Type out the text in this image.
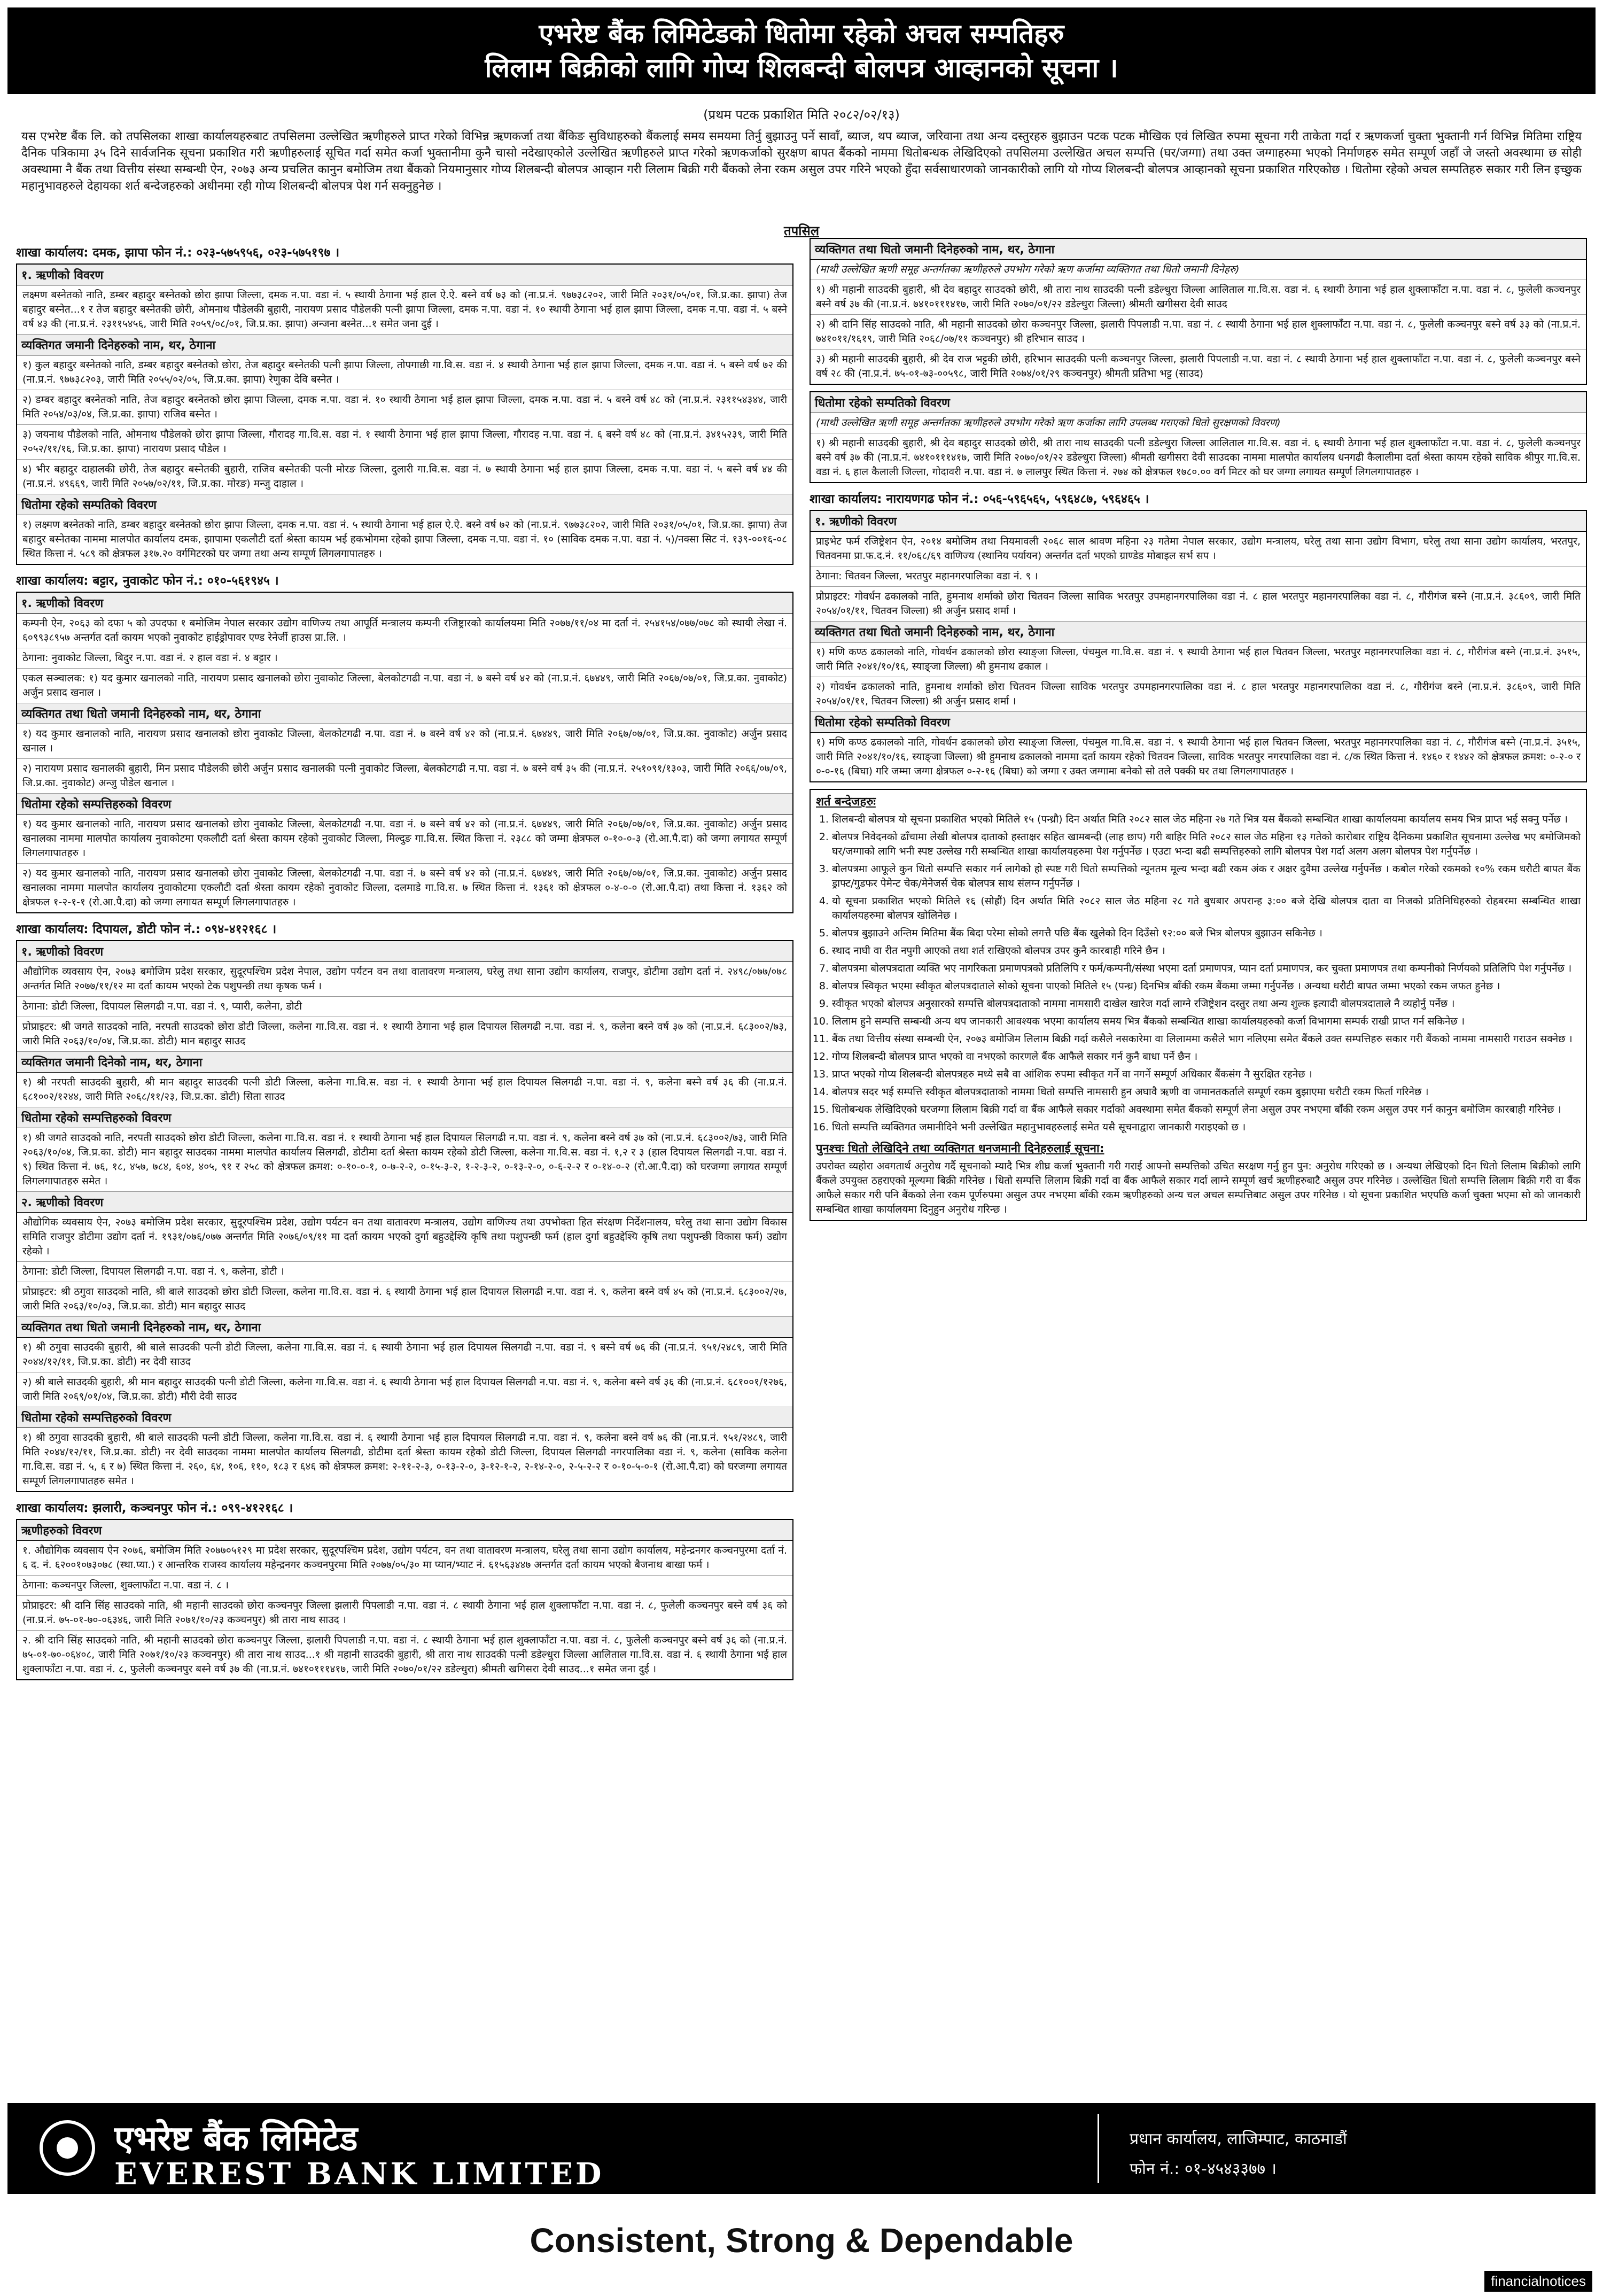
एभरेष्ट बैंक लिमिटेडको धितोमा रहेको अचल सम्पतिहरु
लिलाम बिक्रीको लागि गोप्य शिलबन्दी बोलपत्र आव्हानको सूचना ।
(प्रथम पटक प्रकाशित मिति २०८२/०२/१३)
यस एभरेष्ट बैंक लि. को तपसिलका शाखा कार्यालयहरुबाट तपसिलमा उल्लेखित ऋणीहरुले प्राप्त गरेको विभिन्न ऋणकर्जा तथा बैंकिङ सुविधाहरुको बैंकलाई समय समयमा तिर्नु बुझाउनु पर्ने सावाँ, ब्याज, थप ब्याज, जरिवाना तथा अन्य दस्तुरहरु बुझाउन पटक पटक मौखिक एवं लिखित रुपमा सूचना गरी ताकेता गर्दा र ऋणकर्जा चुक्ता भुक्तानी गर्न विभिन्न मितिमा राष्ट्रिय दैनिक पत्रिकामा ३५ दिने सार्वजनिक सूचना प्रकाशित गरी ऋणीहरुलाई सूचित गर्दा समेत कर्जा भुक्तानीमा कुनै चासो नदेखाएकोले उल्लेखित ऋणीहरुले प्राप्त गरेको ऋणकर्जाको सुरक्षण बापत बैंकको नाममा धितोबन्धक लेखिदिएको तपसिलमा उल्लेखित अचल सम्पत्ति (घर/जग्गा) तथा उक्त जग्गाहरुमा भएको निर्माणहरु समेत सम्पूर्ण जहाँ जे जस्तो अवस्थामा छ सोही अवस्थामा नै बैंक तथा वित्तीय संस्था सम्बन्धी ऐन, २०७३ अन्य प्रचलित कानुन बमोजिम तथा बैंकको नियमानुसार गोप्य शिलबन्दी बोलपत्र आव्हान गरी लिलाम बिक्री गरी बैंकको लेना रकम असुल उपर गरिने भएको हुँदा सर्वसाधारणको जानकारीको लागि यो गोप्य शिलबन्दी बोलपत्र आव्हानको सूचना प्रकाशित गरिएकोछ । धितोमा रहेको अचल सम्पतिहरु सकार गरी लिन इच्छुक महानुभावहरुले देहायका शर्त बन्देजहरुको अधीनमा रही गोप्य शिलबन्दी बोलपत्र पेश गर्न सक्नुहुनेछ ।
तपसिल
शाखा कार्यालय: दमक, झापा फोन नं.: ०२३-५७५९५६, ०२३-५७५१९७ ।
१. ऋणीको विवरण

लक्ष्मण बस्नेतको नाति, डम्बर बहादुर बस्नेतको छोरा झापा जिल्ला, दमक न.पा. वडा नं. ५ स्थायी ठेगाना भई हाल ऐ.ऐ. बस्ने वर्ष ७३ को (ना.प्र.नं. ९७७३८२०२, जारी मिति २०३१/०५/०१, जि.प्र.का. झापा) तेज बहादुर बस्नेत...१ र तेज बहादुर बस्नेतकी छोरी, ओमनाथ पौडेलकी बुहारी, नारायण प्रसाद पौडेलकी पत्नी झापा जिल्ला, दमक न.पा. वडा नं. १० स्थायी ठेगाना भई हाल झापा जिल्ला, दमक न.पा. वडा नं. ५ बस्ने वर्ष ४३ की (ना.प्र.नं. २३११५४५६, जारी मिति २०५९/०८/०१, जि.प्र.का. झापा) अन्जना बस्नेत...१ समेत जना दुई ।

व्यक्तिगत जमानी दिनेहरुको नाम, थर, ठेगाना

१) कुल बहादुर बस्नेतको नाति, डम्बर बहादुर बस्नेतको छोरा, तेज बहादुर बस्नेतकी पत्नी झापा जिल्ला, तोपगाछी गा.वि.स. वडा नं. ४ स्थायी ठेगाना भई हाल झापा जिल्ला, दमक न.पा. वडा नं. ५ बस्ने वर्ष ७२ की (ना.प्र.नं. ९७७३८२०३, जारी मिति २०५५/०२/०५, जि.प्र.का. झापा) रेणुका देवि बस्नेत ।

२) डम्बर बहादुर बस्नेतको नाति, तेज बहादुर बस्नेतको छोरा झापा जिल्ला, दमक न.पा. वडा नं. १० स्थायी ठेगाना भई हाल झापा जिल्ला, दमक न.पा. वडा नं. ५ बस्ने वर्ष ४८ को (ना.प्र.नं. २३११५४३४४, जारी मिति २०५४/०३/०४, जि.प्र.का. झापा) राजिव बस्नेत ।

३) जयनाथ पौडेलको नाति, ओमनाथ पौडेलको छोरा झापा जिल्ला, गौरादह गा.वि.स. वडा नं. १ स्थायी ठेगाना भई हाल झापा जिल्ला, गौरादह न.पा. वडा नं. ६ बस्ने वर्ष ४८ को (ना.प्र.नं. ३४१५२३९, जारी मिति २०५२/११/१६, जि.प्र.का. झापा) नारायण प्रसाद पौडेल ।

४) भीर बहादुर दाहालकी छोरी, तेज बहादुर बस्नेतकी बुहारी, राजिव बस्नेतकी पत्नी मोरङ जिल्ला, दुलारी गा.वि.स. वडा नं. ७ स्थायी ठेगाना भई हाल झापा जिल्ला, दमक न.पा. वडा नं. ५ बस्ने वर्ष ४४ की (ना.प्र.नं. ४९६६९, जारी मिति २०५७/०२/११, जि.प्र.का. मोरङ) मन्जु दाहाल ।

धितोमा रहेको सम्पतिको विवरण

१) लक्ष्मण बस्नेतको नाति, डम्बर बहादुर बस्नेतको छोरा झापा जिल्ला, दमक न.पा. वडा नं. ५ स्थायी ठेगाना भई हाल ऐ.ऐ. बस्ने वर्ष ७२ को (ना.प्र.नं. ९७७३८२०२, जारी मिति २०३१/०५/०१, जि.प्र.का. झापा) तेज बहादुर बस्नेतका नाममा मालपोत कार्यालय दमक, झापामा एकलौटी दर्ता श्रेस्ता कायम भई हकभोगमा रहेको झापा जिल्ला, दमक न.पा. वडा नं. १० (साविक दमक न.पा. वडा नं. ५)/नक्सा सिट नं. १३९-००१६-०८ स्थित कित्ता नं. ५८९ को क्षेत्रफल ३१७.२० वर्गमिटरको घर जग्गा तथा अन्य सम्पूर्ण लिगलगापातहरु ।

शाखा कार्यालय: बट्टार, नुवाकोट फोन नं.: ०१०-५६१९४५ ।
१. ऋणीको विवरण

कम्पनी ऐन, २०६३ को दफा ५ को उपदफा १ बमोजिम नेपाल सरकार उद्योग वाणिज्य तथा आपूर्ति मन्त्रालय कम्पनी रजिष्ट्रारको कार्यालयमा मिति २०७७/११/०४ मा दर्ता नं. २५४१५४/०७७/०७८ को स्थायी लेखा नं. ६०९९३८९५७ अन्तर्गत दर्ता कायम भएको नुवाकोट हाईड्रोपावर एण्ड रेनेर्जी हाउस प्रा.लि. ।

ठेगाना: नुवाकोट जिल्ला, बिदुर न.पा. वडा नं. २ हाल वडा नं. ४ बट्टार ।

एकल सञ्चालक: १) यद कुमार खनालको नाति, नारायण प्रसाद खनालको छोरा नुवाकोट जिल्ला, बेलकोटगढी न.पा. वडा नं. ७ बस्ने वर्ष ४२ को (ना.प्र.नं. ६७४४९, जारी मिति २०६७/०७/०१, जि.प्र.का. नुवाकोट) अर्जुन प्रसाद खनाल ।

व्यक्तिगत तथा धितो जमानी दिनेहरुको नाम, थर, ठेगाना

१) यद कुमार खनालको नाति, नारायण प्रसाद खनालको छोरा नुवाकोट जिल्ला, बेलकोटगढी न.पा. वडा नं. ७ बस्ने वर्ष ४२ को (ना.प्र.नं. ६७४४९, जारी मिति २०६७/०७/०१, जि.प्र.का. नुवाकोट) अर्जुन प्रसाद खनाल ।

२) नारायण प्रसाद खनालकी बुहारी, मिन प्रसाद पौडेलकी छोरी अर्जुन प्रसाद खनालकी पत्नी नुवाकोट जिल्ला, बेलकोटगढी न.पा. वडा नं. ७ बस्ने वर्ष ३५ की (ना.प्र.नं. २५१०९१/१३०३, जारी मिति २०६६/०७/०९, जि.प्र.का. नुवाकोट) अन्जु पौडेल खनाल ।

धितोमा रहेको सम्पत्तिहरुको विवरण

१) यद कुमार खनालको नाति, नारायण प्रसाद खनालको छोरा नुवाकोट जिल्ला, बेलकोटगढी न.पा. वडा नं. ७ बस्ने वर्ष ४२ को (ना.प्र.नं. ६७४४९, जारी मिति २०६७/०७/०१, जि.प्र.का. नुवाकोट) अर्जुन प्रसाद खनालका नाममा मालपोत कार्यालय नुवाकोटमा एकलौटी दर्ता श्रेस्ता कायम रहेको नुवाकोट जिल्ला, मिल्दुङ गा.वि.स. स्थित कित्ता नं. २३८८ को जम्मा क्षेत्रफल ०-१०-०-३ (रो.आ.पै.दा) को जग्गा लगायत सम्पूर्ण लिगलगापातहरु ।

२) यद कुमार खनालको नाति, नारायण प्रसाद खनालको छोरा नुवाकोट जिल्ला, बेलकोटगढी न.पा. वडा नं. ७ बस्ने वर्ष ४२ को (ना.प्र.नं. ६७४४९, जारी मिति २०६७/०७/०१, जि.प्र.का. नुवाकोट) अर्जुन प्रसाद खनालका नाममा मालपोत कार्यालय नुवाकोटमा एकलौटी दर्ता श्रेस्ता कायम रहेको नुवाकोट जिल्ला, दलमाडे गा.वि.स. ७ स्थित कित्ता नं. १३६१ को क्षेत्रफल ०-४-०-० (रो.आ.पै.दा) तथा कित्ता नं. १३६२ को क्षेत्रफल १-२-१-१ (रो.आ.पै.दा) को जग्गा लगायत सम्पूर्ण लिगलगापातहरु ।

शाखा कार्यालय: दिपायल, डोटी फोन नं.: ०९४-४१२१६८ ।
१. ऋणीको विवरण

औद्योगिक व्यवसाय ऐन, २०७३ बमोजिम प्रदेश सरकार, सुदूरपश्चिम प्रदेश नेपाल, उद्योग पर्यटन वन तथा वातावरण मन्त्रालय, घरेलु तथा साना उद्योग कार्यालय, राजपुर, डोटीमा उद्योग दर्ता नं. २४९८/०७७/०७८ अन्तर्गत मिति २०७७/११/१२ मा दर्ता कायम भएको टेक पशुपन्छी तथा कृषक फर्म ।

ठेगाना: डोटी जिल्ला, दिपायल सिलगढी न.पा. वडा नं. ९, प्यारी, कलेना, डोटी

प्रोप्राइटर: श्री जगते साउदको नाति, नरपती साउदको छोरा डोटी जिल्ला, कलेना गा.वि.स. वडा नं. १ स्थायी ठेगाना भई हाल दिपायल सिलगढी न.पा. वडा नं. ९, कलेना बस्ने वर्ष ३७ को (ना.प्र.नं. ६८३००२/७३, जारी मिति २०६३/१०/०४, जि.प्र.का. डोटी) मान बहादुर साउद

व्यक्तिगत जमानी दिनेको नाम, थर, ठेगाना

१) श्री नरपती साउदकी बुहारी, श्री मान बहादुर साउदकी पत्नी डोटी जिल्ला, कलेना गा.वि.स. वडा नं. १ स्थायी ठेगाना भई हाल दिपायल सिलगढी न.पा. वडा नं. ९, कलेना बस्ने वर्ष ३६ की (ना.प्र.नं. ६८१००२/१२४४, जारी मिति २०६८/११/२३, जि.प्र.का. डोटी) सिता साउद

धितोमा रहेको सम्पत्तिहरुको विवरण

१) श्री जगते साउदको नाति, नरपती साउदको छोरा डोटी जिल्ला, कलेना गा.वि.स. वडा नं. १ स्थायी ठेगाना भई हाल दिपायल सिलगढी न.पा. वडा नं. ९, कलेना बस्ने वर्ष ३७ को (ना.प्र.नं. ६८३००२/७३, जारी मिति २०६३/१०/०४, जि.प्र.का. डोटी) मान बहादुर साउदका नाममा मालपोत कार्यालय सिलगढी, डोटीमा दर्ता श्रेस्ता कायम रहेको डोटी जिल्ला, कलेना गा.वि.स. वडा नं. १,२ र ३ (हाल दिपायल सिलगढी न.पा. वडा नं. ९) स्थित कित्ता नं. ७६, १८, ४५७, ७८४, ६०४, ४०५, ९१ र २५८ को क्षेत्रफल क्रमश: ०-१०-०-१, ०-७-२-२, ०-१५-३-२, १-२-३-२, ०-१३-२-०, ०-६-२-२ र ०-१४-०-२ (रो.आ.पै.दा) को घरजग्गा लगायत सम्पूर्ण लिगलगापातहरु समेत ।

२. ऋणीको विवरण

औद्योगिक व्यवसाय ऐन, २०७३ बमोजिम प्रदेश सरकार, सुदूरपश्चिम प्रदेश, उद्योग पर्यटन वन तथा वातावरण मन्त्रालय, उद्योग वाणिज्य तथा उपभोक्ता हित संरक्षण निर्देशनालय, घरेलु तथा साना उद्योग विकास समिति राजपुर डोटीमा उद्योग दर्ता नं. १९३१/०७६/०७७ अन्तर्गत मिति २०७६/०९/११ मा दर्ता कायम भएको दुर्गा बहुउद्देश्यि कृषि तथा पशुपन्छी फर्म (हाल दुर्गा बहुउद्देश्यि कृषि तथा पशुपन्छी विकास फर्म) उद्योग रहेको ।

ठेगाना: डोटी जिल्ला, दिपायल सिलगढी न.पा. वडा नं. ९, कलेना, डोटी ।

प्रोप्राइटर: श्री ठगुवा साउदको नाति, श्री बाले साउदको छोरा डोटी जिल्ला, कलेना गा.वि.स. वडा नं. ६ स्थायी ठेगाना भई हाल दिपायल सिलगढी न.पा. वडा नं. ९, कलेना बस्ने वर्ष ४५ को (ना.प्र.नं. ६८३००२/२७, जारी मिति २०६३/१०/०३, जि.प्र.का. डोटी) मान बहादुर साउद

व्यक्तिगत तथा धितो जमानी दिनेहरुको नाम, थर, ठेगाना

१) श्री ठगुवा साउदकी बुहारी, श्री बाले साउदकी पत्नी डोटी जिल्ला, कलेना गा.वि.स. वडा नं. ६ स्थायी ठेगाना भई हाल दिपायल सिलगढी न.पा. वडा नं. ९ बस्ने वर्ष ७६ की (ना.प्र.नं. ९५१/२४८९, जारी मिति २०४४/१२/११, जि.प्र.का. डोटी) नर देवी साउद

२) श्री बाले साउदकी बुहारी, श्री मान बहादुर साउदकी पत्नी डोटी जिल्ला, कलेना गा.वि.स. वडा नं. ६ स्थायी ठेगाना भई हाल दिपायल सिलगढी न.पा. वडा नं. ९, कलेना बस्ने वर्ष ३६ की (ना.प्र.नं. ६८१००१/१२७६, जारी मिति २०६९/०१/०४, जि.प्र.का. डोटी) मौरी देवी साउद

धितोमा रहेको सम्पत्तिहरुको विवरण

१) श्री ठगुवा साउदकी बुहारी, श्री बाले साउदकी पत्नी डोटी जिल्ला, कलेना गा.वि.स. वडा नं. ६ स्थायी ठेगाना भई हाल दिपायल सिलगढी न.पा. वडा नं. ९, कलेना बस्ने वर्ष ७६ की (ना.प्र.नं. ९५१/२४८९, जारी मिति २०४४/१२/११, जि.प्र.का. डोटी) नर देवी साउदका नाममा मालपोत कार्यालय सिलगढी, डोटीमा दर्ता श्रेस्ता कायम रहेको डोटी जिल्ला, दिपायल सिलगढी नगरपालिका वडा नं. ९, कलेना (साविक कलेना गा.वि.स. वडा नं. ५, ६ र ७) स्थित कित्ता नं. २६०, ६४, १०६, ११०, १८३ र ६४६ को क्षेत्रफल क्रमश: २-११-२-३, ०-१३-२-०, ३-१२-१-२, २-१४-२-०, २-५-२-२ र ०-१०-५-०-१ (रो.आ.पै.दा) को घरजग्गा लगायत सम्पूर्ण लिगलगापातहरु समेत ।

शाखा कार्यालय: झलारी, कञ्चनपुर फोन नं.: ०९९-४१२१६८ ।
ऋणीहरुको विवरण

१. औद्योगिक व्यवसाय ऐन २०७६, बमोजिम मिति २०७७०५१२९ मा प्रदेश सरकार, सुदूरपश्चिम प्रदेश, उद्योग पर्यटन, वन तथा वातावरण मन्त्रालय, घरेलु तथा साना उद्योग कार्यालय, महेन्द्रनगर कञ्चनपुरमा दर्ता नं. ६ द. नं. ६२००१०७३०७८ (स्था.प्या.) र आन्तरिक राजस्व कार्यालय महेन्द्रनगर कञ्चनपुरमा मिति २०७७/०५/३० मा प्यान/भ्याट नं. ६१५६३४४७ अन्तर्गत दर्ता कायम भएको बैजनाथ बाखा फर्म ।

ठेगाना: कञ्चनपुर जिल्ला, शुक्लाफाँटा न.पा. वडा नं. ८ ।

प्रोप्राइटर: श्री दानि सिंह साउदको नाति, श्री महानी साउदको छोरा कञ्चनपुर जिल्ला झलारी पिपलाडी न.पा. वडा नं. ८ स्थायी ठेगाना भई हाल शुक्लाफाँटा न.पा. वडा नं. ८, फुलेली कञ्चनपुर बस्ने वर्ष ३६ को (ना.प्र.नं. ७५-०१-७०-०६३४६, जारी मिति २०७१/१०/२३ कञ्चनपुर) श्री तारा नाथ साउद ।

२. श्री दानि सिंह साउदको नाति, श्री महानी साउदको छोरा कञ्चनपुर जिल्ला, झलारी पिपलाडी न.पा. वडा नं. ८ स्थायी ठेगाना भई हाल शुक्लाफाँटा न.पा. वडा नं. ८, फुलेली कञ्चनपुर बस्ने वर्ष ३६ को (ना.प्र.नं. ७५-०१-७०-०६४०८, जारी मिति २०७१/१०/२३ कञ्चनपुर) श्री तारा नाथ साउद...१ श्री महानी साउदकी बुहारी, श्री तारा नाथ साउदकी पत्नी डडेल्धुरा जिल्ला आलिताल गा.वि.स. वडा नं. ६ स्थायी ठेगाना भई हाल शुक्लाफाँटा न.पा. वडा नं. ८, फुलेली कञ्चनपुर बस्ने वर्ष ३७ की (ना.प्र.नं. ७४१०१११४१७, जारी मिति २०७०/०१/२२ डडेल्धुरा) श्रीमती खगिसरा देवी साउद...१ समेत जना दुई ।

व्यक्तिगत तथा धितो जमानी दिनेहरुको नाम, थर, ठेगाना

(माथी उल्लेखित ऋणी समूह अन्तर्गतका ऋणीहरुले उपभोग गरेको ऋण कर्जामा व्यक्तिगत तथा धितो जमानी दिनेहरु)

१) श्री महानी साउदकी बुहारी, श्री देव बहादुर साउदको छोरी, श्री तारा नाथ साउदकी पत्नी डडेल्धुरा जिल्ला आलिताल गा.वि.स. वडा नं. ६ स्थायी ठेगाना भई हाल शुक्लाफाँटा न.पा. वडा नं. ८, फुलेली कञ्चनपुर बस्ने वर्ष ३७ की (ना.प्र.नं. ७४१०१११४१७, जारी मिति २०७०/०१/२२ डडेल्धुरा जिल्ला) श्रीमती खगीसरा देवी साउद

२) श्री दानि सिंह साउदको नाति, श्री महानी साउदको छोरा कञ्चनपुर जिल्ला, झलारी पिपलाडी न.पा. वडा नं. ८ स्थायी ठेगाना भई हाल शुक्लाफाँटा न.पा. वडा नं. ८, फुलेली कञ्चनपुर बस्ने वर्ष ३३ को (ना.प्र.नं. ७४१०११/१६१९, जारी मिति २०६८/०७/११ कञ्चनपुर) श्री हरिभान साउद ।

३) श्री महानी साउदकी बुहारी, श्री देव राज भट्टकी छोरी, हरिभान साउदकी पत्नी कञ्चनपुर जिल्ला, झलारी पिपलाडी न.पा. वडा नं. ८ स्थायी ठेगाना भई हाल शुक्लाफाँटा न.पा. वडा नं. ८, फुलेली कञ्चनपुर बस्ने वर्ष २८ की (ना.प्र.नं. ७५-०१-७३-००५९८, जारी मिति २०७४/०१/२९ कञ्चनपुर) श्रीमती प्रतिभा भट्ट (साउद)

धितोमा रहेको सम्पतिको विवरण

(माथी उल्लेखित ऋणी समूह अन्तर्गतका ऋणीहरुले उपभोग गरेको ऋण कर्जाका लागि उपलब्ध गराएको धितो सुरक्षणको विवरण)

१) श्री महानी साउदकी बुहारी, श्री देव बहादुर साउदको छोरी, श्री तारा नाथ साउदकी पत्नी डडेल्धुरा जिल्ला आलिताल गा.वि.स. वडा नं. ६ स्थायी ठेगाना भई हाल शुक्लाफाँटा न.पा. वडा नं. ८, फुलेली कञ्चनपुर बस्ने वर्ष ३७ की (ना.प्र.नं. ७४१०१११४१७, जारी मिति २०७०/०१/२२ डडेल्धुरा जिल्ला) श्रीमती खगीसरा देवी साउदका नाममा मालपोत कार्यालय धनगढी कैलालीमा दर्ता श्रेस्ता कायम रहेको साविक श्रीपुर गा.वि.स. वडा नं. ६ हाल कैलाली जिल्ला, गोदावरी न.पा. वडा नं. ७ लालपुर स्थित कित्ता नं. २७४ को क्षेत्रफल १७८०.०० वर्ग मिटर को घर जग्गा लगायत सम्पूर्ण लिगलगापातहरु ।

शाखा कार्यालय: नारायणगढ फोन नं.: ०५६-५९६५६५, ५९६४८७, ५९६४६५ ।
१. ऋणीको विवरण

प्राइभेट फर्म रजिष्ट्रेशन ऐन, २०१४ बमोजिम तथा नियमावली २०६८ साल श्रावण महिना २३ गतेमा नेपाल सरकार, उद्योग मन्त्रालय, घरेलु तथा साना उद्योग विभाग, घरेलु तथा साना उद्योग कार्यालय, भरतपुर, चितवनमा प्रा.फ.द.नं. ११/०६८/६९ वाणिज्य (स्थानिय पर्यायन) अन्तर्गत दर्ता भएको ग्राण्डेड मोबाइल सर्भ सप ।

ठेगाना: चितवन जिल्ला, भरतपुर महानगरपालिका वडा नं. ९ ।

प्रोप्राइटर: गोवर्धन ढकालको नाति, हुमनाथ शर्माको छोरा चितवन जिल्ला साविक भरतपुर उपमहानगरपालिका वडा नं. ८ हाल भरतपुर महानगरपालिका वडा नं. ८, गौरीगंज बस्ने (ना.प्र.नं. ३८६०९, जारी मिति २०५४/०१/११, चितवन जिल्ला) श्री अर्जुन प्रसाद शर्मा ।

व्यक्तिगत तथा धितो जमानी दिनेहरुको नाम, थर, ठेगाना

१) मणि कण्ठ ढकालको नाति, गोवर्धन ढकालको छोरा स्याङ्जा जिल्ला, पंचमुल गा.वि.स. वडा नं. ९ स्थायी ठेगाना भई हाल चितवन जिल्ला, भरतपुर महानगरपालिका वडा नं. ८, गौरीगंज बस्ने (ना.प्र.नं. ३५१५, जारी मिति २०४१/१०/१६, स्याङ्जा जिल्ला) श्री हुमनाथ ढकाल ।

२) गोवर्धन ढकालको नाति, हुमनाथ शर्माको छोरा चितवन जिल्ला साविक भरतपुर उपमहानगरपालिका वडा नं. ८ हाल भरतपुर महानगरपालिका वडा नं. ८, गौरीगंज बस्ने (ना.प्र.नं. ३८६०९, जारी मिति २०५४/०१/११, चितवन जिल्ला) श्री अर्जुन प्रसाद शर्मा ।

धितोमा रहेको सम्पतिको विवरण

१) मणि कण्ठ ढकालको नाति, गोवर्धन ढकालको छोरा स्याङ्जा जिल्ला, पंचमुल गा.वि.स. वडा नं. ९ स्थायी ठेगाना भई हाल चितवन जिल्ला, भरतपुर महानगरपालिका वडा नं. ८, गौरीगंज बस्ने (ना.प्र.नं. ३५१५, जारी मिति २०४१/१०/१६, स्याङ्जा जिल्ला) श्री हुमनाथ ढकालको नाममा दर्ता कायम रहेको चितवन जिल्ला, साविक भरतपुर नगरपालिका वडा नं. ८/क स्थित कित्ता नं. १४६० र १४४२ को क्षेत्रफल क्रमश: ०-२-० र ०-०-१६ (बिघा) गरि जम्मा जग्गा क्षेत्रफल ०-२-१६ (बिघा) को जग्गा र उक्त जग्गामा बनेको सो तले पक्की घर तथा लिगलगापातहरु ।

शर्त बन्देजहरुः
1. शिलबन्दी बोलपत्र यो सूचना प्रकाशित भएको मितिले १५ (पन्ध्रौ) दिन अर्थात मिति २०८२ साल जेठ महिना २७ गते भित्र यस बैंकको सम्बन्धित शाखा कार्यालयमा कार्यालय समय भित्र प्राप्त भई सक्नु पर्नेछ ।
2. बोलपत्र निवेदनको ढाँचामा लेखी बोलपत्र दाताको हस्ताक्षर सहित खामबन्दी (लाह छाप) गरी बाहिर मिति २०८२ साल जेठ महिना १३ गतेको कारोबार राष्ट्रिय दैनिकमा प्रकाशित सूचनामा उल्लेख भए बमोजिमको घर/जग्गाको लागि भनी स्पष्ट उल्लेख गरी सम्बन्धित शाखा कार्यालयहरुमा पेश गर्नुपर्नेछ । एउटा भन्दा बढी सम्पत्तिहरुको लागि बोलपत्र पेश गर्दा अलग अलग बोलपत्र पेश गर्नुपर्नेछ ।
3. बोलपत्रमा आफूले कुन धितो सम्पत्ति सकार गर्न लागेको हो स्पष्ट गरी धितो सम्पत्तिको न्यूनतम मूल्य भन्दा बढी रकम अंक र अक्षर दुवैमा उल्लेख गर्नुपर्नेछ । कबोल गरेको रकमको १०% रकम धरौटी बापत बैंक ड्राफ्ट/गुडफर पेमेन्ट चेक/मेनेजर्स चेक बोलपत्र साथ संलग्न गर्नुपर्नेछ ।
4. यो सूचना प्रकाशित भएको मितिले १६ (सोह्रौं) दिन अर्थात मिति २०८२ साल जेठ महिना २८ गते बुधबार अपरान्ह ३:०० बजे देखि बोलपत्र दाता वा निजको प्रतिनिधिहरुको रोहबरमा सम्बन्धित शाखा कार्यालयहरुमा बोलपत्र खोलिनेछ ।
5. बोलपत्र बुझाउने अन्तिम मितिमा बैंक बिदा परेमा सोको लगत्तै पछि बैंक खुलेको दिन दिउँसो १२:०० बजे भित्र बोलपत्र बुझाउन सकिनेछ ।
6. स्थाद नाघी वा रीत नपुगी आएको तथा शर्त राखिएको बोलपत्र उपर कुनै कारबाही गरिने छैन ।
7. बोलपत्रमा बोलपत्रदाता व्यक्ति भए नागरिकता प्रमाणपत्रको प्रतिलिपि र फर्म/कम्पनी/संस्था भएमा दर्ता प्रमाणपत्र, प्यान दर्ता प्रमाणपत्र, कर चुक्ता प्रमाणपत्र तथा कम्पनीको निर्णयको प्रतिलिपि पेश गर्नुपर्नेछ ।
8. बोलपत्र स्विकृत भएमा स्वीकृत बोलपत्रदाताले सोको सूचना पाएको मितिले १५ (पन्ध्र) दिनभित्र बाँकी रकम बैंकमा जम्मा गर्नुपर्नेछ । अन्यथा धरौटी बापत जम्मा भएको रकम जफत हुनेछ ।
9. स्वीकृत भएको बोलपत्र अनुसारको सम्पत्ति बोलपत्रदाताको नाममा नामसारी दाखेल खारेज गर्दा लाग्ने रजिष्ट्रेशन दस्तुर तथा अन्य शुल्क इत्यादी बोलपत्रदाताले नै व्यहोर्नु पर्नेछ ।
10. लिलाम हुने सम्पत्ति सम्बन्धी अन्य थप जानकारी आवश्यक भएमा कार्यालय समय भित्र बैंकको सम्बन्धित शाखा कार्यालयहरुको कर्जा विभागमा सम्पर्क राखी प्राप्त गर्न सकिनेछ ।
11. बैंक तथा वित्तीय संस्था सम्बन्धी ऐन, २०७३ बमोजिम लिलाम बिक्री गर्दा कसैले नसकारेमा वा लिलाममा कसैले भाग नलिएमा समेत बैंकले उक्त सम्पत्तिहरु सकार गरी बैंकको नाममा नामसारी गराउन सक्नेछ ।
12. गोप्य शिलबन्दी बोलपत्र प्राप्त भएको वा नभएको कारणले बैंक आफैले सकार गर्न कुनै बाधा पर्ने छैन ।
13. प्राप्त भएको गोप्य शिलबन्दी बोलपत्रहरु मध्ये सबै वा आंशिक रुपमा स्वीकृत गर्ने वा नगर्ने सम्पूर्ण अधिकार बैंकसंग नै सुरक्षित रहनेछ ।
14. बोलपत्र सदर भई सम्पत्ति स्वीकृत बोलपत्रदाताको नाममा धितो सम्पत्ति नामसारी हुन अघावै ऋणी वा जमानतकर्ताले सम्पूर्ण रकम बुझाएमा धरौटी रकम फिर्ता गरिनेछ ।
15. धितोबन्धक लेखिदिएको घरजग्गा लिलाम बिक्री गर्दा वा बैंक आफैले सकार गर्दाको अवस्थामा समेत बैंकको सम्पूर्ण लेना असुल उपर नभएमा बाँकी रकम असुल उपर गर्न कानुन बमोजिम कारबाही गरिनेछ ।
16. धितो सम्पत्ति व्यक्तिगत जमानीदिने भनी उल्लेखित महानुभावहरुलाई समेत यसै सूचनाद्वारा जानकारी गराइएको छ ।
पुनश्चः धितो लेखिदिने तथा व्यक्तिगत धनजमानी दिनेहरुलाई सूचना:

उपरोक्त व्यहोरा अवगतार्थ अनुरोध गर्दै सूचनाको म्यादै भित्र शीघ्र कर्जा भुक्तानी गरी गराई आफ्नो सम्पत्तिको उचित सरक्षण गर्नु हुन पुन: अनुरोध गरिएको छ । अन्यथा लेखिएको दिन धितो लिलाम बिक्रीको लागि बैंकले उपयुक्त ठहराएको मूल्यमा बिक्री गरिनेछ । धितो सम्पत्ति लिलाम बिक्री गर्दा वा बैंक आफैले सकार गर्दा लाग्ने सम्पूर्ण खर्च ऋणीहरुबाटै असुल उपर गरिनेछ । उल्लेखित धितो सम्पत्ति लिलाम बिक्री गरी वा बैंक आफैले सकार गरी पनि बैंकको लेना रकम पूर्णरुपमा असुल उपर नभएमा बाँकी रकम ऋणीहरुको अन्य चल अचल सम्पत्तिबाट असुल उपर गरिनेछ । यो सूचना प्रकाशित भएपछि कर्जा चुक्ता भएमा सो को जानकारी सम्बन्धित शाखा कार्यालयमा दिनुहुन अनुरोध गरिन्छ ।

एभरेष्ट बैंक लिमिटेड
EVEREST BANK LIMITED
प्रधान कार्यालय, लाजिम्पाट, काठमाडौं
फोन नं.: ०१-४५४३३७७ ।
Consistent, Strong & Dependable
financialnotices
